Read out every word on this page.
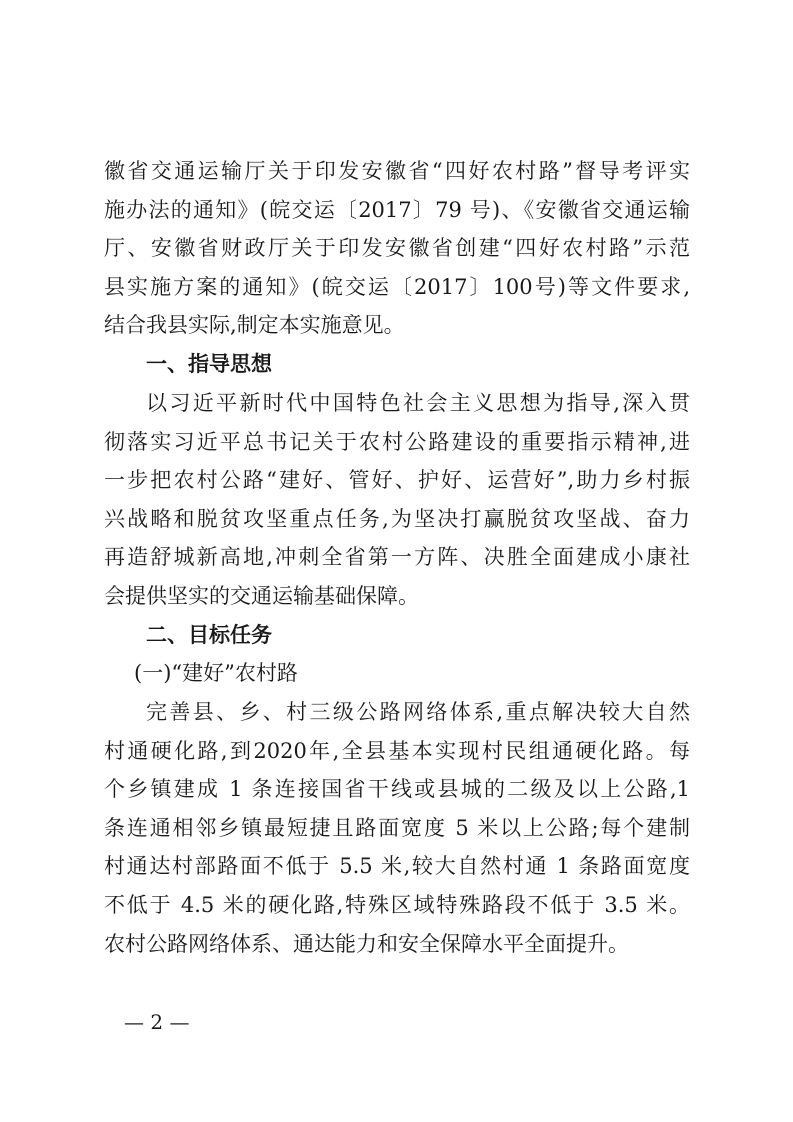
徽省交通运输厅关于印发安徽省“四好农村路”督导考评实
施办法的通知》(皖交运〔2017〕79 号)、《安徽省交通运输
厅、安徽省财政厅关于印发安徽省创建“四好农村路”示范
县实施方案的通知》(皖交运〔2017〕100号)等文件要求,
结合我县实际,制定本实施意见。
一、指导思想
以习近平新时代中国特色社会主义思想为指导,深入贯
彻落实习近平总书记关于农村公路建设的重要指示精神,进
一步把农村公路“建好、管好、护好、运营好”,助力乡村振
兴战略和脱贫攻坚重点任务,为坚决打赢脱贫攻坚战、奋力
再造舒城新高地,冲刺全省第一方阵、决胜全面建成小康社
会提供坚实的交通运输基础保障。
二、目标任务
(一)“建好”农村路
完善县、乡、村三级公路网络体系,重点解决较大自然
村通硬化路,到2020年,全县基本实现村民组通硬化路。每
个乡镇建成 1 条连接国省干线或县城的二级及以上公路,1
条连通相邻乡镇最短捷且路面宽度 5 米以上公路;每个建制
村通达村部路面不低于 5.5 米,较大自然村通 1 条路面宽度
不低于 4.5 米的硬化路,特殊区域特殊路段不低于 3.5 米。
农村公路网络体系、通达能力和安全保障水平全面提升。
— 2 —
